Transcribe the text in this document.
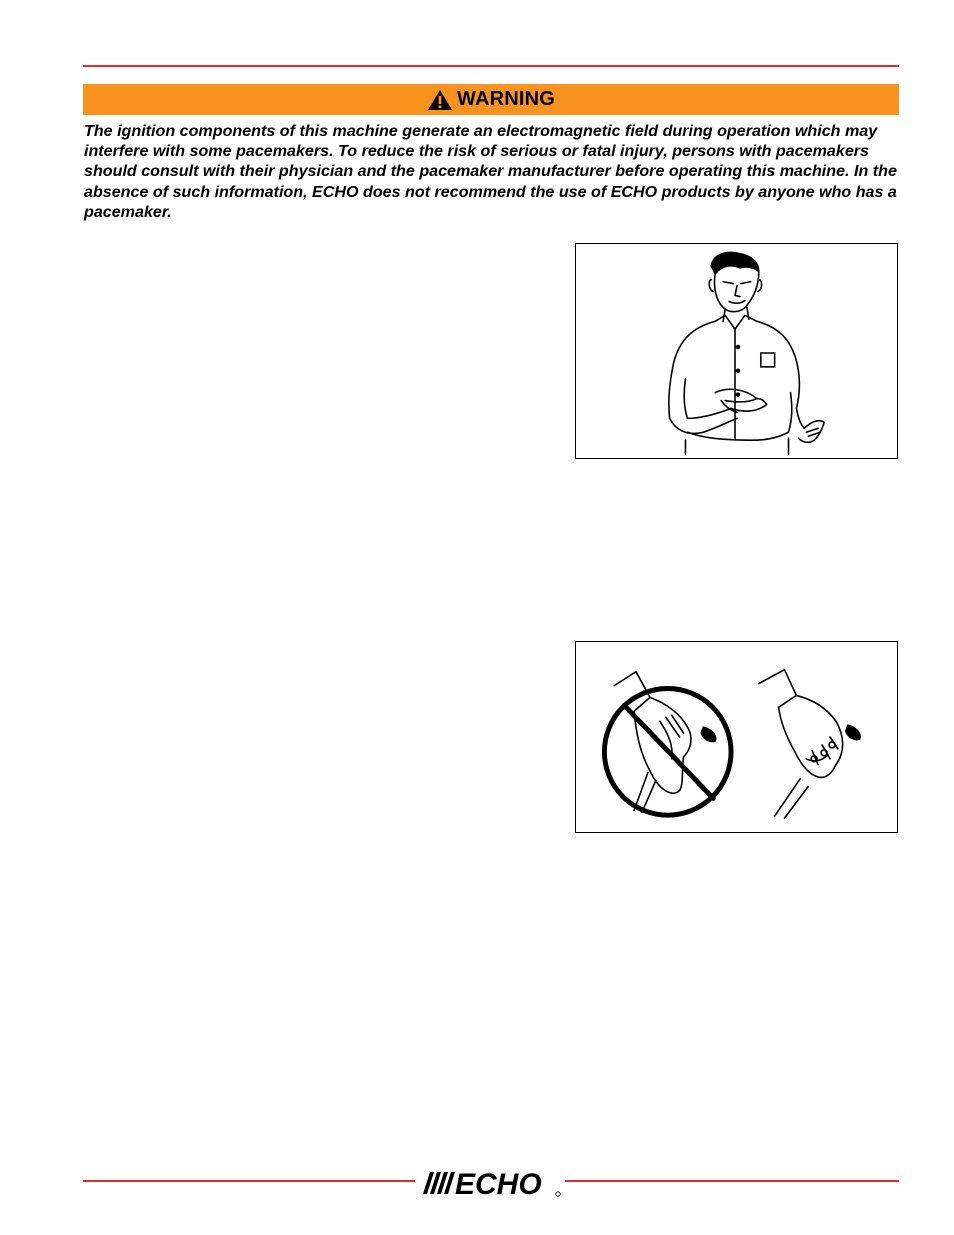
WARNING

The ignition components of this machine generate an electromagnetic field during operation which may interfere with some pacemakers. To reduce the risk of serious or fatal injury, persons with pacemakers should consult with their physician and the pacemaker manufacturer before operating this machine. In the absence of such information, ECHO does not recommend the use of ECHO products by anyone who has a pacemaker.

ECHO
